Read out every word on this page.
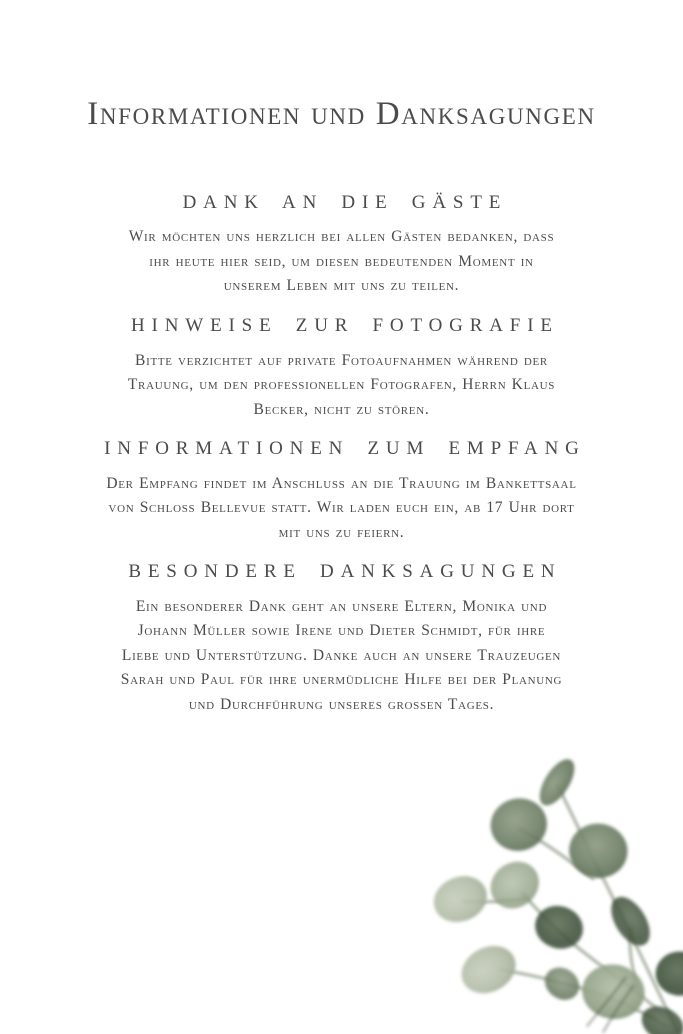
Informationen und Danksagungen
DANK AN DIE GÄSTE

Wir möchten uns herzlich bei allen Gästen bedanken, dass ihr heute hier seid, um diesen bedeutenden Moment in unserem Leben mit uns zu teilen.

HINWEISE ZUR FOTOGRAFIE

Bitte verzichtet auf private Fotoaufnahmen während der Trauung, um den professionellen Fotografen, Herrn Klaus Becker, nicht zu stören.

INFORMATIONEN ZUM EMPFANG

Der Empfang findet im Anschluss an die Trauung im Bankettsaal von Schloss Bellevue statt. Wir laden euch ein, ab 17 Uhr dort mit uns zu feiern.

BESONDERE DANKSAGUNGEN

Ein besonderer Dank geht an unsere Eltern, Monika und Johann Müller sowie Irene und Dieter Schmidt, für ihre Liebe und Unterstützung. Danke auch an unsere Trauzeugen Sarah und Paul für ihre unermüdliche Hilfe bei der Planung und Durchführung unseres grossen Tages.
